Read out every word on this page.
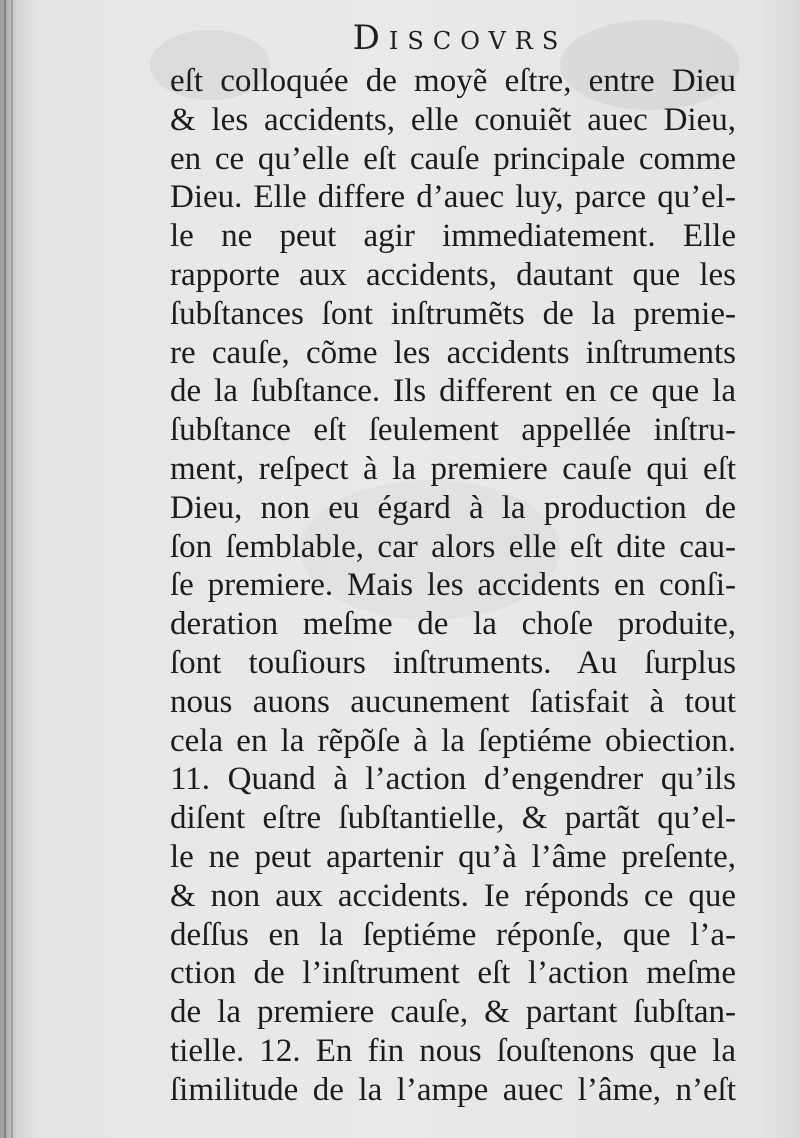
Discovrs
eſt colloquée de moyẽ eſtre, entre Dieu
& les accidents, elle conuiẽt auec Dieu,
en ce qu’elle eſt cauſe principale comme
Dieu. Elle differe d’auec luy, parce qu’el-
le ne peut agir immediatement. Elle
rapporte aux accidents, dautant que les
ſubſtances ſont inſtrumẽts de la premie-
re cauſe, cõme les accidents inſtruments
de la ſubſtance. Ils different en ce que la
ſubſtance eſt ſeulement appellée inſtru-
ment, reſpect à la premiere cauſe qui eſt
Dieu, non eu égard à la production de
ſon ſemblable, car alors elle eſt dite cau-
ſe premiere. Mais les accidents en conſi-
deration meſme de la choſe produite,
ſont touſiours inſtruments. Au ſurplus
nous auons aucunement ſatisfait à tout
cela en la rẽpõſe à la ſeptiéme obiection.
11. Quand à l’action d’engendrer qu’ils
diſent eſtre ſubſtantielle, & partãt qu’el-
le ne peut apartenir qu’à l’âme preſente,
& non aux accidents. Ie réponds ce que
deſſus en la ſeptiéme réponſe, que l’a-
ction de l’inſtrument eſt l’action meſme
de la premiere cauſe, & partant ſubſtan-
tielle. 12. En fin nous ſouſtenons que la
ſimilitude de la l’ampe auec l’âme, n’eſt
